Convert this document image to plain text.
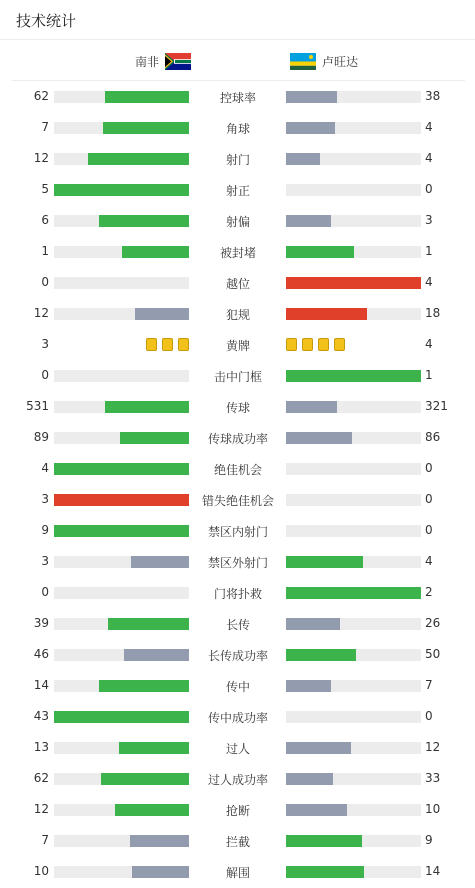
技术统计
南非	卢旺达
62	控球率	38
7	角球	4
12	射门	4
5	射正	0
6	射偏	3
1	被封堵	1
0	越位	4
12	犯规	18
3	黄牌	4
0	击中门框	1
531	传球	321
89	传球成功率	86
4	绝佳机会	0
3	错失绝佳机会	0
9	禁区内射门	0
3	禁区外射门	4
0	门将扑救	2
39	长传	26
46	长传成功率	50
14	传中	7
43	传中成功率	0
13	过人	12
62	过人成功率	33
12	抢断	10
7	拦截	9
10	解围	14
